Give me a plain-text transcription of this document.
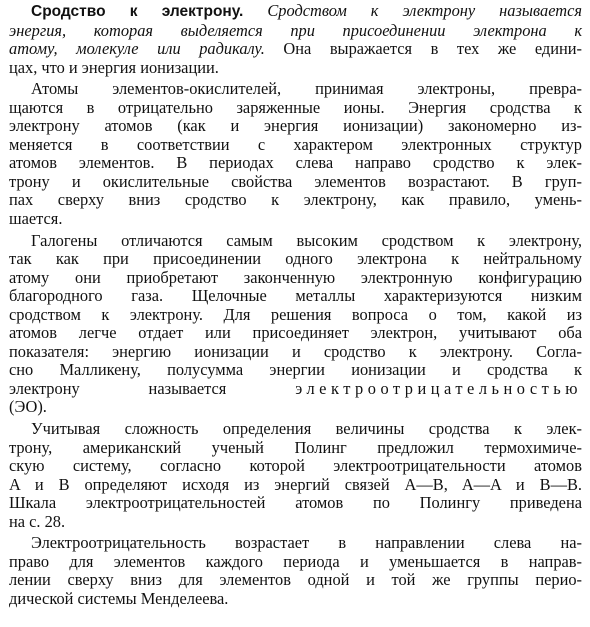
Сродство к электрону. Сродством к электрону называется
энергия, которая выделяется при присоединении электрона к
атому, молекуле или радикалу. Она выражается в тех же едини-
цах, что и энергия ионизации.
Атомы элементов-окислителей, принимая электроны, превра-
щаются в отрицательно заряженные ионы. Энергия сродства к
электрону атомов (как и энергия ионизации) закономерно из-
меняется в соответствии с характером электронных структур
атомов элементов. В периодах слева направо сродство к элек-
трону и окислительные свойства элементов возрастают. В груп-
пах сверху вниз сродство к электрону, как правило, умень-
шается.
Галогены отличаются самым высоким сродством к электрону,
так как при присоединении одного электрона к нейтральному
атому они приобретают законченную электронную конфигурацию
благородного газа. Щелочные металлы характеризуются низким
сродством к электрону. Для решения вопроса о том, какой из
атомов легче отдает или присоединяет электрон, учитывают оба
показателя: энергию ионизации и сродство к электрону. Согла-
сно Малликену, полусумма энергии ионизации и сродства к
электрону называется	электроотрицательностью
(ЭО).
Учитывая сложность определения величины сродства к элек-
трону, американский ученый Полинг предложил термохимиче-
скую систему, согласно которой электроотрицательности атомов
A и B определяют исходя из энергий связей A—B, A—A и B—B.
Шкала электроотрицательностей атомов по Полингу приведена
на с. 28.
Электроотрицательность возрастает в направлении слева на-
право для элементов каждого периода и уменьшается в направ-
лении сверху вниз для элементов одной и той же группы перио-
дической системы Менделеева.
